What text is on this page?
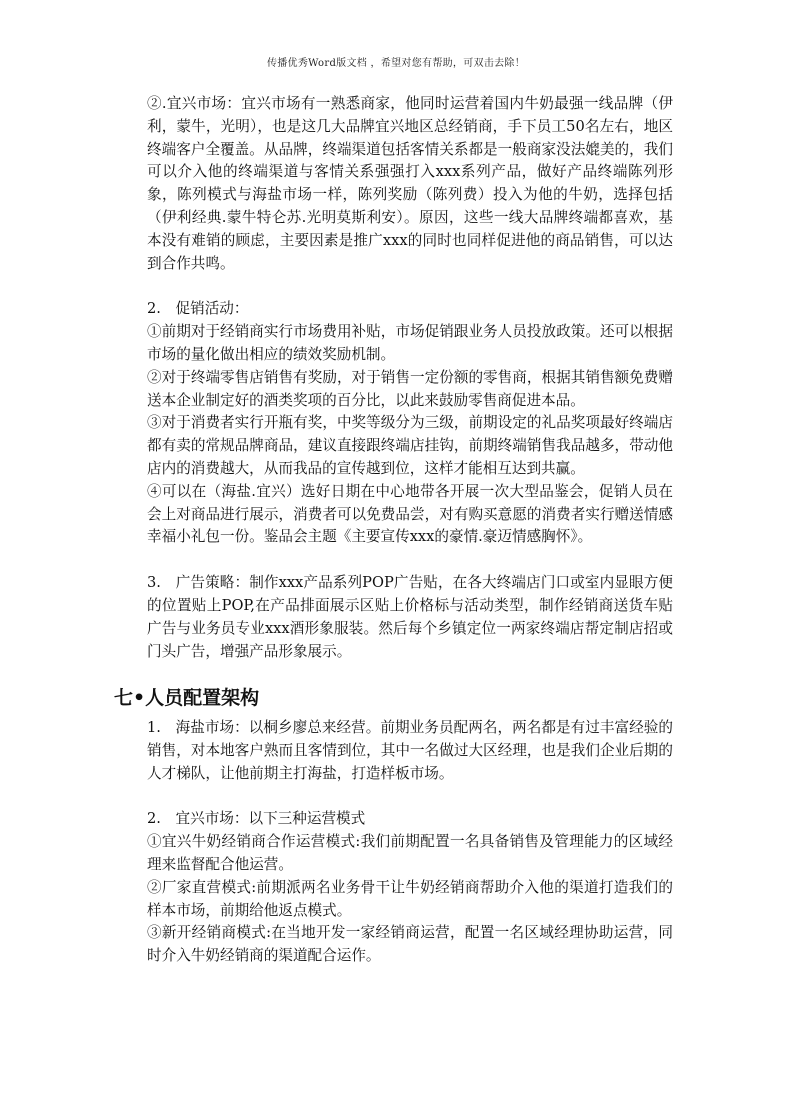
传播优秀Word版文档 ，希望对您有帮助，可双击去除！

②.宜兴市场：宜兴市场有一熟悉商家，他同时运营着国内牛奶最强一线品牌（伊利，蒙牛，光明），也是这几大品牌宜兴地区总经销商，手下员工50名左右，地区终端客户全覆盖。从品牌，终端渠道包括客情关系都是一般商家没法媲美的，我们可以介入他的终端渠道与客情关系强强打入xxx系列产品，做好产品终端陈列形象，陈列模式与海盐市场一样，陈列奖励（陈列费）投入为他的牛奶，选择包括（伊利经典.蒙牛特仑苏.光明莫斯利安）。原因，这些一线大品牌终端都喜欢，基本没有难销的顾虑，主要因素是推广xxx的同时也同样促进他的商品销售，可以达到合作共鸣。

2.　促销活动：

①前期对于经销商实行市场费用补贴，市场促销跟业务人员投放政策。还可以根据市场的量化做出相应的绩效奖励机制。

②对于终端零售店销售有奖励，对于销售一定份额的零售商，根据其销售额免费赠送本企业制定好的酒类奖项的百分比，以此来鼓励零售商促进本品。

③对于消费者实行开瓶有奖，中奖等级分为三级，前期设定的礼品奖项最好终端店都有卖的常规品牌商品，建议直接跟终端店挂钩，前期终端销售我品越多，带动他店内的消费越大，从而我品的宣传越到位，这样才能相互达到共赢。

④可以在（海盐.宜兴）选好日期在中心地带各开展一次大型品鉴会，促销人员在会上对商品进行展示，消费者可以免费品尝，对有购买意愿的消费者实行赠送情感幸福小礼包一份。鉴品会主题《主要宣传xxx的豪情.豪迈情感胸怀》。

3.　广告策略：制作xxx产品系列POP广告贴，在各大终端店门口或室内显眼方便的位置贴上POP,在产品排面展示区贴上价格标与活动类型，制作经销商送货车贴广告与业务员专业xxx酒形象服装。然后每个乡镇定位一两家终端店帮定制店招或门头广告，增强产品形象展示。

七•人员配置架构

1.　海盐市场：以桐乡廖总来经营。前期业务员配两名，两名都是有过丰富经验的销售，对本地客户熟而且客情到位，其中一名做过大区经理，也是我们企业后期的人才梯队，让他前期主打海盐，打造样板市场。

2.　宜兴市场：以下三种运营模式

①宜兴牛奶经销商合作运营模式:我们前期配置一名具备销售及管理能力的区域经理来监督配合他运营。

②厂家直营模式:前期派两名业务骨干让牛奶经销商帮助介入他的渠道打造我们的样本市场，前期给他返点模式。

③新开经销商模式:在当地开发一家经销商运营，配置一名区域经理协助运营，同时介入牛奶经销商的渠道配合运作。
